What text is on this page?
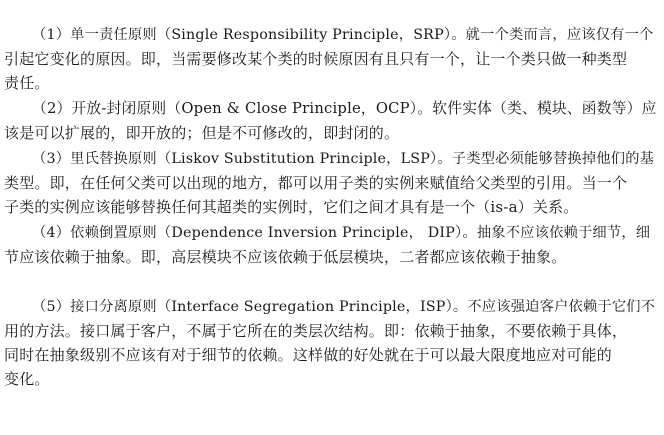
（1）单一责任原则（Single Responsibility Principle，SRP）。就一个类而言，应该仅有一个
引起它变化的原因。即，当需要修改某个类的时候原因有且只有一个，让一个类只做一种类型
责任。
（2）开放-封闭原则（Open & Close Principle，OCP）。软件实体（类、模块、函数等）应
该是可以扩展的，即开放的；但是不可修改的，即封闭的。
（3）里氏替换原则（Liskov Substitution Principle，LSP）。子类型必须能够替换掉他们的基
类型。即，在任何父类可以出现的地方，都可以用子类的实例来赋值给父类型的引用。当一个
子类的实例应该能够替换任何其超类的实例时，它们之间才具有是一个（is-a）关系。
（4）依赖倒置原则（Dependence Inversion Principle， DIP）。抽象不应该依赖于细节，细
节应该依赖于抽象。即，高层模块不应该依赖于低层模块，二者都应该依赖于抽象。
（5）接口分离原则（Interface Segregation Principle，ISP）。不应该强迫客户依赖于它们不
用的方法。接口属于客户，不属于它所在的类层次结构。即：依赖于抽象，不要依赖于具体，
同时在抽象级别不应该有对于细节的依赖。这样做的好处就在于可以最大限度地应对可能的
变化。
